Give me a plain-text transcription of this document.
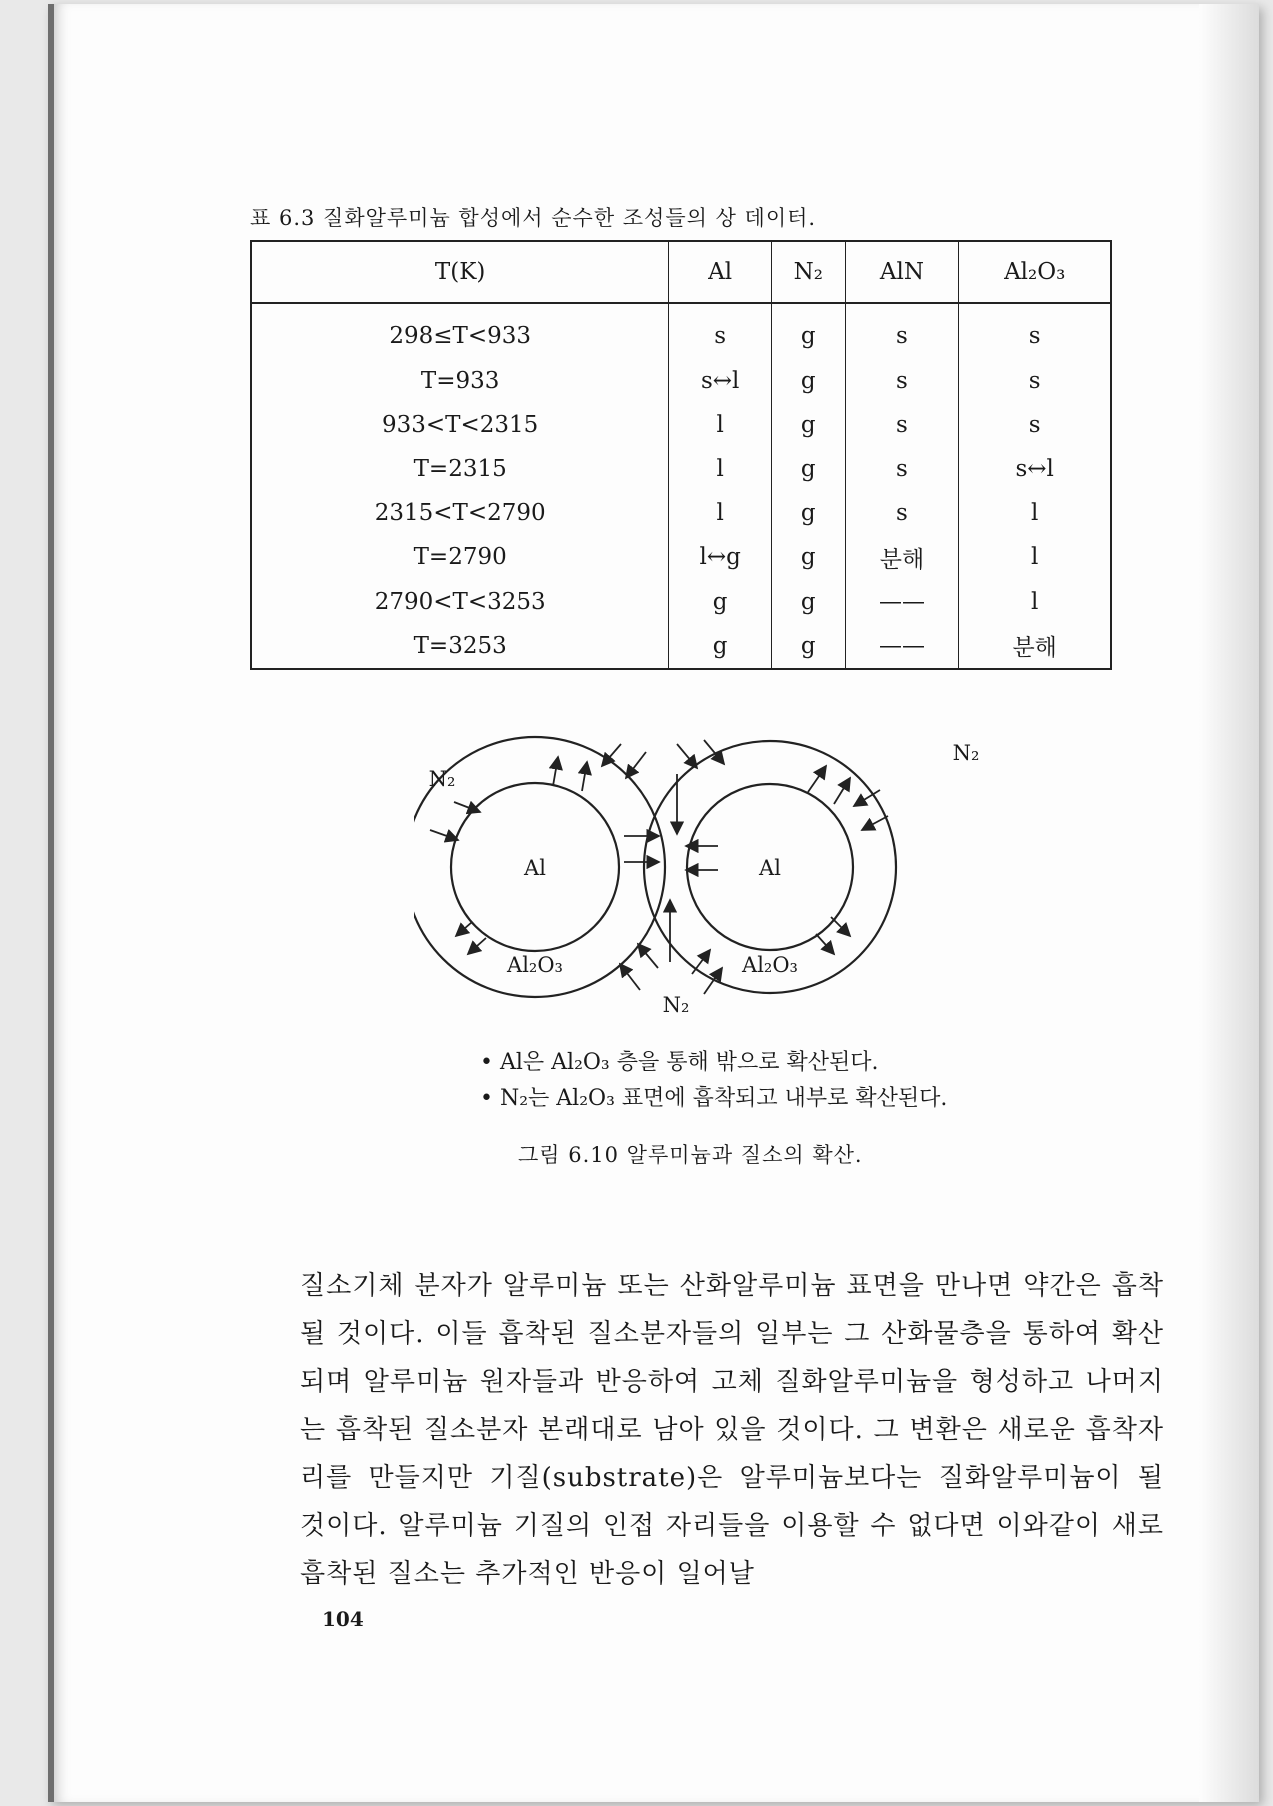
표 6.3 질화알루미늄 합성에서 순수한 조성들의 상 데이터.
T(K)	Al	N₂	AlN	Al₂O₃
298≤T<933	s	g	s	s
T=933	s↔l	g	s	s
933<T<2315	l	g	s	s
T=2315	l	g	s	s↔l
2315<T<2790	l	g	s	l
T=2790	l↔g	g	분해	l
2790<T<3253	g	g	——	l
T=3253	g	g	——	분해
N₂
N₂
N₂
Al	Al
Al₂O₃	Al₂O₃
• Al은 Al₂O₃ 층을 통해 밖으로 확산된다.
• N₂는 Al₂O₃ 표면에 흡착되고 내부로 확산된다.
그림 6.10 알루미늄과 질소의 확산.

질소기체 분자가 알루미늄 또는 산화알루미늄 표면을 만나면 약간은 흡착될 것이다. 이들 흡착된 질소분자들의 일부는 그 산화물층을 통하여 확산되며 알루미늄 원자들과 반응하여 고체 질화알루미늄을 형성하고 나머지는 흡착된 질소분자 본래대로 남아 있을 것이다. 그 변환은 새로운 흡착자리를 만들지만 기질(substrate)은 알루미늄보다는 질화알루미늄이 될 것이다. 알루미늄 기질의 인접 자리들을 이용할 수 없다면 이와같이 새로 흡착된 질소는 추가적인 반응이 일어날

104
